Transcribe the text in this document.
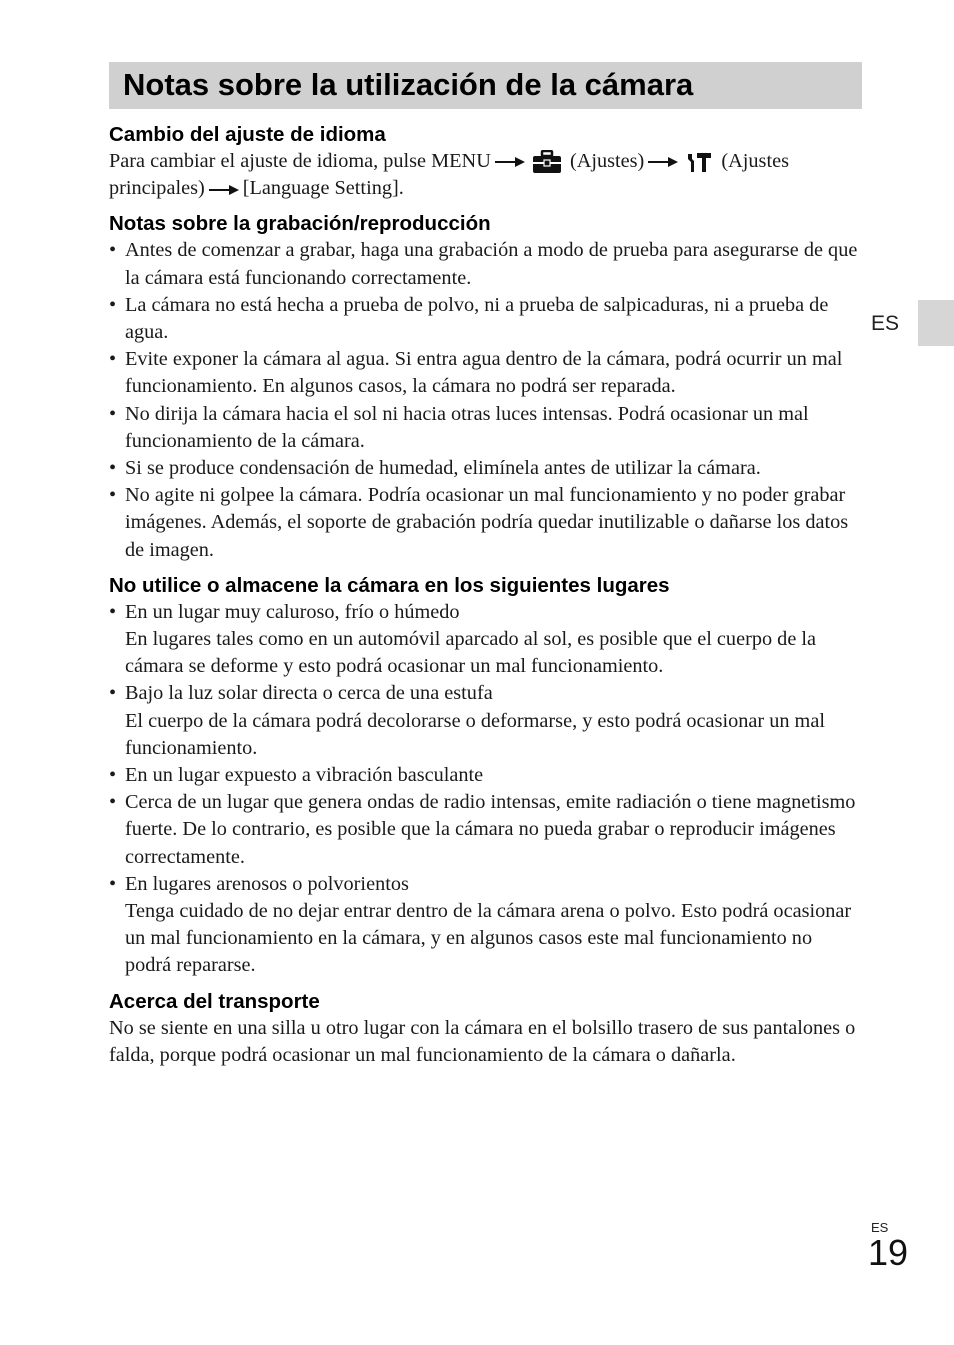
Notas sobre la utilización de la cámara
ES
Cambio del ajuste de idioma

Para cambiar el ajuste de idioma, pulse MENU	(Ajustes)	(Ajustes principales) [Language Setting].

Notas sobre la grabación/reproducción
• Antes de comenzar a grabar, haga una grabación a modo de prueba para asegurarse de que la cámara está funcionando correctamente.
• La cámara no está hecha a prueba de polvo, ni a prueba de salpicaduras, ni a prueba de agua.
• Evite exponer la cámara al agua. Si entra agua dentro de la cámara, podrá ocurrir un mal funcionamiento. En algunos casos, la cámara no podrá ser reparada.
• No dirija la cámara hacia el sol ni hacia otras luces intensas. Podrá ocasionar un mal funcionamiento de la cámara.
• Si se produce condensación de humedad, elimínela antes de utilizar la cámara.
• No agite ni golpee la cámara. Podría ocasionar un mal funcionamiento y no poder grabar imágenes. Además, el soporte de grabación podría quedar inutilizable o dañarse los datos de imagen.
No utilice o almacene la cámara en los siguientes lugares
• En un lugar muy caluroso, frío o húmedo
En lugares tales como en un automóvil aparcado al sol, es posible que el cuerpo de la cámara se deforme y esto podrá ocasionar un mal funcionamiento.
• Bajo la luz solar directa o cerca de una estufa
El cuerpo de la cámara podrá decolorarse o deformarse, y esto podrá ocasionar un mal funcionamiento.
• En un lugar expuesto a vibración basculante
• Cerca de un lugar que genera ondas de radio intensas, emite radiación o tiene magnetismo fuerte. De lo contrario, es posible que la cámara no pueda grabar o reproducir imágenes correctamente.
• En lugares arenosos o polvorientos
Tenga cuidado de no dejar entrar dentro de la cámara arena o polvo. Esto podrá ocasionar un mal funcionamiento en la cámara, y en algunos casos este mal funcionamiento no podrá repararse.
Acerca del transporte

No se siente en una silla u otro lugar con la cámara en el bolsillo trasero de sus pantalones o falda, porque podrá ocasionar un mal funcionamiento de la cámara o dañarla.

ES
19
